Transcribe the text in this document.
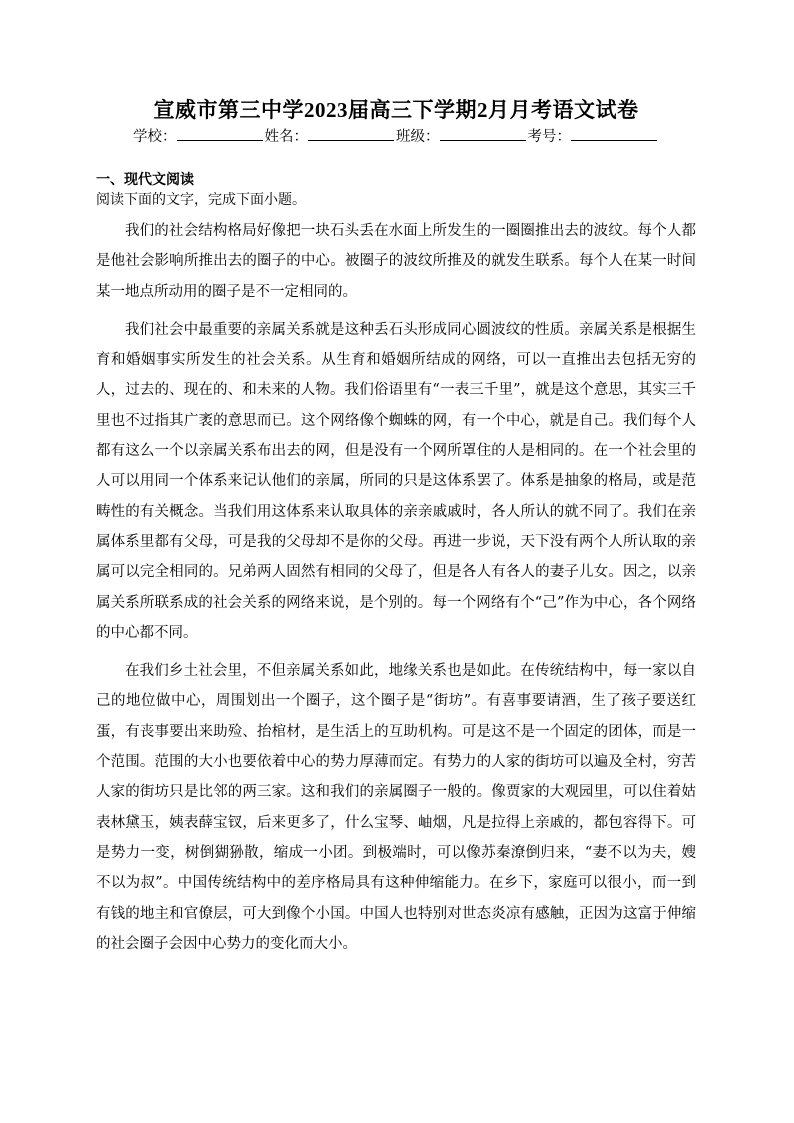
宣威市第三中学2023届高三下学期2月月考语文试卷
学校：	姓名：	班级：	考号：
一、现代文阅读
阅读下面的文字，完成下面小题。

我们的社会结构格局好像把一块石头丢在水面上所发生的一圈圈推出去的波纹。每个人都是他社会影响所推出去的圈子的中心。被圈子的波纹所推及的就发生联系。每个人在某一时间某一地点所动用的圈子是不一定相同的。

我们社会中最重要的亲属关系就是这种丢石头形成同心圆波纹的性质。亲属关系是根据生育和婚姻事实所发生的社会关系。从生育和婚姻所结成的网络，可以一直推出去包括无穷的人，过去的、现在的、和未来的人物。我们俗语里有“一表三千里”，就是这个意思，其实三千里也不过指其广袤的意思而已。这个网络像个蜘蛛的网，有一个中心，就是自己。我们每个人都有这么一个以亲属关系布出去的网，但是没有一个网所罩住的人是相同的。在一个社会里的人可以用同一个体系来记认他们的亲属，所同的只是这体系罢了。体系是抽象的格局，或是范畴性的有关概念。当我们用这体系来认取具体的亲亲戚戚时，各人所认的就不同了。我们在亲属体系里都有父母，可是我的父母却不是你的父母。再进一步说，天下没有两个人所认取的亲属可以完全相同的。兄弟两人固然有相同的父母了，但是各人有各人的妻子儿女。因之，以亲属关系所联系成的社会关系的网络来说，是个别的。每一个网络有个“己”作为中心，各个网络的中心都不同。

在我们乡土社会里，不但亲属关系如此，地缘关系也是如此。在传统结构中，每一家以自己的地位做中心，周围划出一个圈子，这个圈子是“街坊”。有喜事要请酒，生了孩子要送红蛋，有丧事要出来助殓、抬棺材，是生活上的互助机构。可是这不是一个固定的团体，而是一个范围。范围的大小也要依着中心的势力厚薄而定。有势力的人家的街坊可以遍及全村，穷苦人家的街坊只是比邻的两三家。这和我们的亲属圈子一般的。像贾家的大观园里，可以住着姑表林黛玉，姨表薛宝钗，后来更多了，什么宝琴、岫烟，凡是拉得上亲戚的，都包容得下。可是势力一变，树倒猢狲散，缩成一小团。到极端时，可以像苏秦潦倒归来，“妻不以为夫，嫂不以为叔”。中国传统结构中的差序格局具有这种伸缩能力。在乡下，家庭可以很小，而一到有钱的地主和官僚层，可大到像个小国。中国人也特别对世态炎凉有感触，正因为这富于伸缩的社会圈子会因中心势力的变化而大小。
